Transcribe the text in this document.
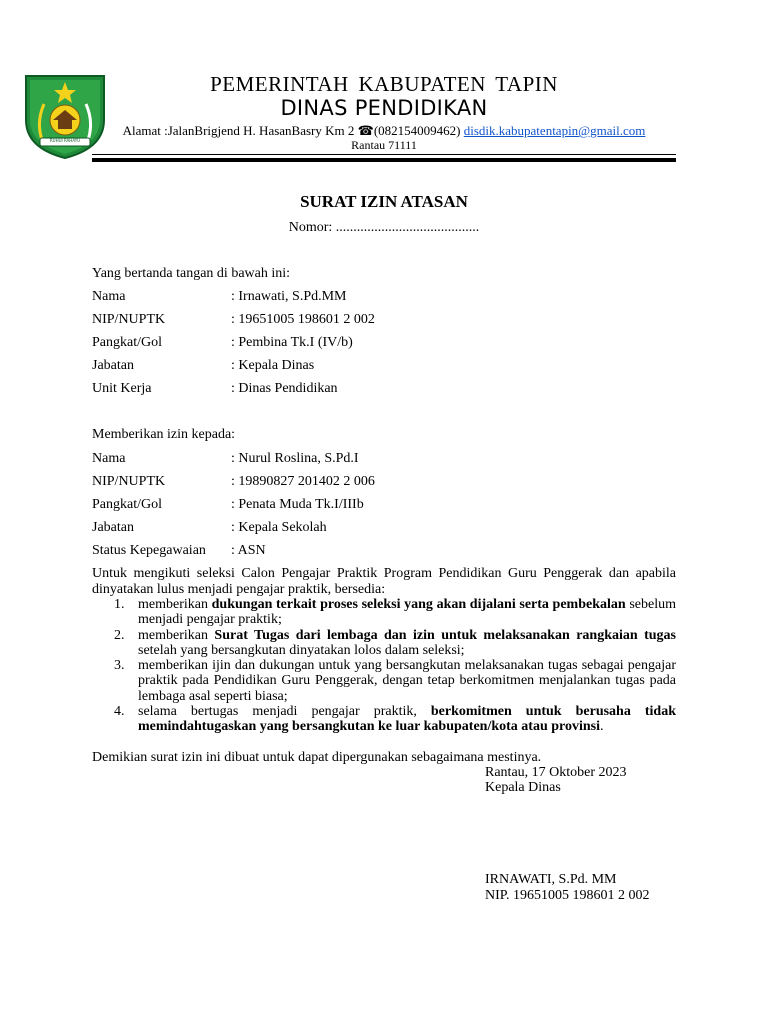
RUHUI RAHAYU
PEMERINTAH KABUPATEN TAPIN
DINAS PENDIDIKAN
Alamat :JalanBrigjend H. HasanBasry Km 2 ☎(082154009462) disdik.kabupatentapin@gmail.com
Rantau 71111
SURAT IZIN ATASAN
Nomor: .........................................
Yang bertanda tangan di bawah ini:
Nama	: Irnawati, S.Pd.MM
NIP/NUPTK	: 19651005 198601 2 002
Pangkat/Gol	: Pembina Tk.I (IV/b)
Jabatan	: Kepala Dinas
Unit Kerja	: Dinas Pendidikan
Memberikan izin kepada:
Nama	: Nurul Roslina, S.Pd.I
NIP/NUPTK	: 19890827 201402 2 006
Pangkat/Gol	: Penata Muda Tk.I/IIIb
Jabatan	: Kepala Sekolah
Status Kepegawaian : ASN
Untuk mengikuti seleksi Calon Pengajar Praktik Program Pendidikan Guru Penggerak dan apabila dinyatakan lulus menjadi pengajar praktik, bersedia:
1. memberikan dukungan terkait proses seleksi yang akan dijalani serta pembekalan sebelum menjadi pengajar praktik;
2. memberikan Surat Tugas dari lembaga dan izin untuk melaksanakan rangkaian tugas setelah yang bersangkutan dinyatakan lolos dalam seleksi;
3. memberikan ijin dan dukungan untuk yang bersangkutan melaksanakan tugas sebagai pengajar praktik pada Pendidikan Guru Penggerak, dengan tetap berkomitmen menjalankan tugas pada lembaga asal seperti biasa;
4. selama bertugas menjadi pengajar praktik, berkomitmen untuk berusaha tidak memindahtugaskan yang bersangkutan ke luar kabupaten/kota atau provinsi.
Demikian surat izin ini dibuat untuk dapat dipergunakan sebagaimana mestinya.
Rantau, 17 Oktober 2023
Kepala Dinas
IRNAWATI, S.Pd. MM
NIP. 19651005 198601 2 002
